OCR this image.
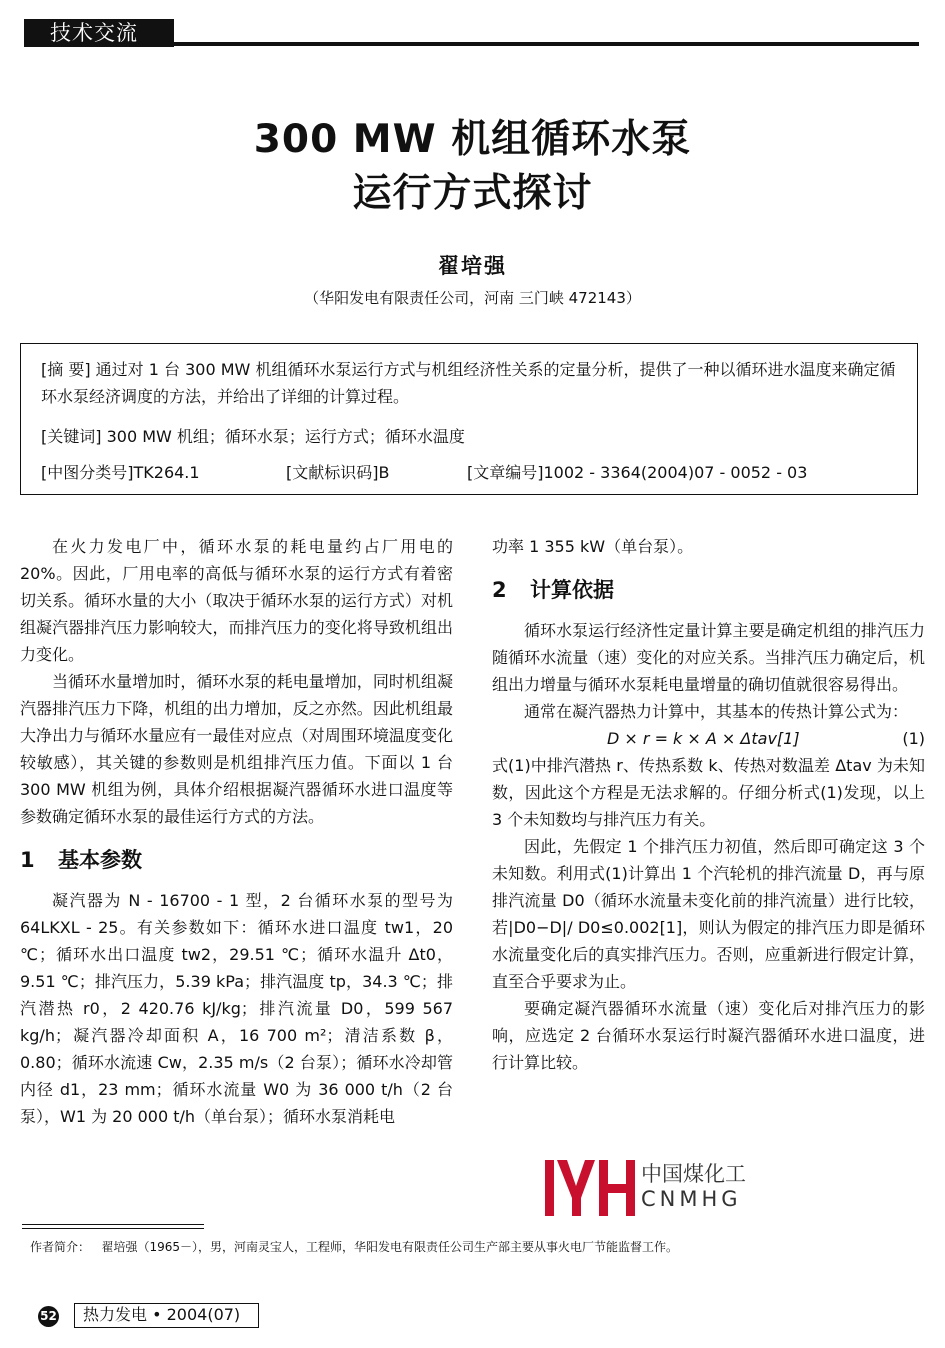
技术交流
300 MW 机组循环水泵
运行方式探讨
翟培强
（华阳发电有限责任公司，河南 三门峡 472143）
[摘 要] 通过对 1 台 300 MW 机组循环水泵运行方式与机组经济性关系的定量分析，提供了一种以循环进水温度来确定循环水泵经济调度的方法，并给出了详细的计算过程。
[关键词] 300 MW 机组；循环水泵；运行方式；循环水温度
[中图分类号]TK264.1	[文献标识码]B	[文章编号]1002 - 3364(2004)07 - 0052 - 03

在火力发电厂中，循环水泵的耗电量约占厂用电的 20%。因此，厂用电率的高低与循环水泵的运行方式有着密切关系。循环水量的大小（取决于循环水泵的运行方式）对机组凝汽器排汽压力影响较大，而排汽压力的变化将导致机组出力变化。

当循环水量增加时，循环水泵的耗电量增加，同时机组凝汽器排汽压力下降，机组的出力增加，反之亦然。因此机组最大净出力与循环水量应有一最佳对应点（对周围环境温度变化较敏感），其关键的参数则是机组排汽压力值。下面以 1 台 300 MW 机组为例，具体介绍根据凝汽器循环水进口温度等参数确定循环水泵的最佳运行方式的方法。

1 基本参数

凝汽器为 N - 16700 - 1 型，2 台循环水泵的型号为 64LKXL - 25。有关参数如下：循环水进口温度 tw1，20 ℃；循环水出口温度 tw2，29.51 ℃；循环水温升 Δt0，9.51 ℃；排汽压力，5.39 kPa；排汽温度 tp，34.3 ℃；排汽潜热 r0，2 420.76 kJ/kg；排汽流量 D0，599 567 kg/h；凝汽器冷却面积 A，16 700 m²；清洁系数 β，0.80；循环水流速 Cw，2.35 m/s（2 台泵）；循环水冷却管内径 d1，23 mm；循环水流量 W0 为 36 000 t/h（2 台泵），W1 为 20 000 t/h（单台泵）；循环水泵消耗电

功率 1 355 kW（单台泵）。

2 计算依据

循环水泵运行经济性定量计算主要是确定机组的排汽压力随循环水流量（速）变化的对应关系。当排汽压力确定后，机组出力增量与循环水泵耗电量增量的确切值就很容易得出。

通常在凝汽器热力计算中，其基本的传热计算公式为：

D × r = k × A × Δtav[1]	(1)

式(1)中排汽潜热 r、传热系数 k、传热对数温差 Δtav 为未知数，因此这个方程是无法求解的。仔细分析式(1)发现，以上 3 个未知数均与排汽压力有关。

因此，先假定 1 个排汽压力初值，然后即可确定这 3 个未知数。利用式(1)计算出 1 个汽轮机的排汽流量 D，再与原排汽流量 D0（循环水流量未变化前的排汽流量）进行比较，若|D0−D|/ D0≤0.002[1]，则认为假定的排汽压力即是循环水流量变化后的真实排汽压力。否则，应重新进行假定计算，直至合乎要求为止。

要确定凝汽器循环水流量（速）变化后对排汽压力的影响，应选定 2 台循环水泵运行时凝汽器循环水进口温度，进行计算比较。

中国煤化工
CNMHG
作者简介： 翟培强（1965－），男，河南灵宝人，工程师，华阳发电有限责任公司生产部主要从事火电厂节能监督工作。
52	热力发电 • 2004(07)
